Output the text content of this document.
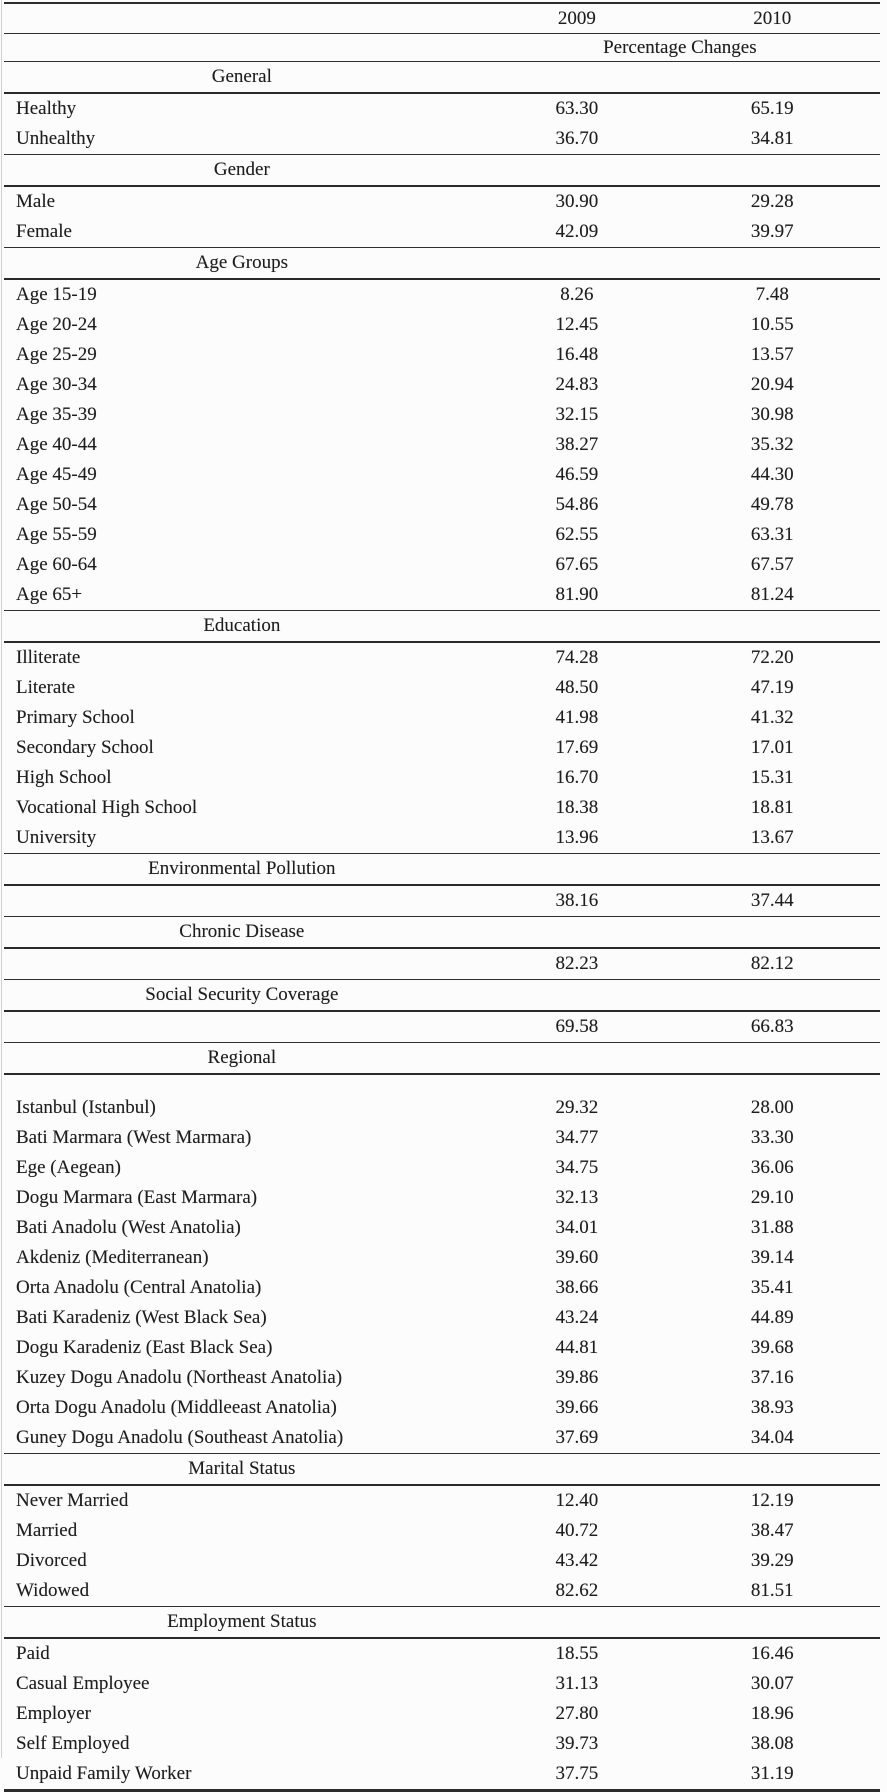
	2009	2010	
	Percentage Changes		
General			
Healthy	63.30	65.19	
Unhealthy	36.70	34.81	
Gender			
Male	30.90	29.28	
Female	42.09	39.97	
Age Groups			
Age 15-19	8.26	7.48	
Age 20-24	12.45	10.55	
Age 25-29	16.48	13.57	
Age 30-34	24.83	20.94	
Age 35-39	32.15	30.98	
Age 40-44	38.27	35.32	
Age 45-49	46.59	44.30	
Age 50-54	54.86	49.78	
Age 55-59	62.55	63.31	
Age 60-64	67.65	67.57	
Age 65+	81.90	81.24	
Education			
Illiterate	74.28	72.20	
Literate	48.50	47.19	
Primary School	41.98	41.32	
Secondary School	17.69	17.01	
High School	16.70	15.31	
Vocational High School	18.38	18.81	
University	13.96	13.67	
Environmental Pollution			
	38.16	37.44	
Chronic Disease			
	82.23	82.12	
Social Security Coverage			
	69.58	66.83	
Regional			
Istanbul (Istanbul)	29.32	28.00	
Bati Marmara (West Marmara)	34.77	33.30	
Ege (Aegean)	34.75	36.06	
Dogu Marmara (East Marmara)	32.13	29.10	
Bati Anadolu (West Anatolia)	34.01	31.88	
Akdeniz (Mediterranean)	39.60	39.14	
Orta Anadolu (Central Anatolia)	38.66	35.41	
Bati Karadeniz (West Black Sea)	43.24	44.89	
Dogu Karadeniz (East Black Sea)	44.81	39.68	
Kuzey Dogu Anadolu (Northeast Anatolia)	39.86	37.16	
Orta Dogu Anadolu (Middleeast Anatolia)	39.66	38.93	
Guney Dogu Anadolu (Southeast Anatolia)	37.69	34.04	
Marital Status			
Never Married	12.40	12.19	
Married	40.72	38.47	
Divorced	43.42	39.29	
Widowed	82.62	81.51	
Employment Status			
Paid	18.55	16.46	
Casual Employee	31.13	30.07	
Employer	27.80	18.96	
Self Employed	39.73	38.08	
Unpaid Family Worker	37.75	31.19	
